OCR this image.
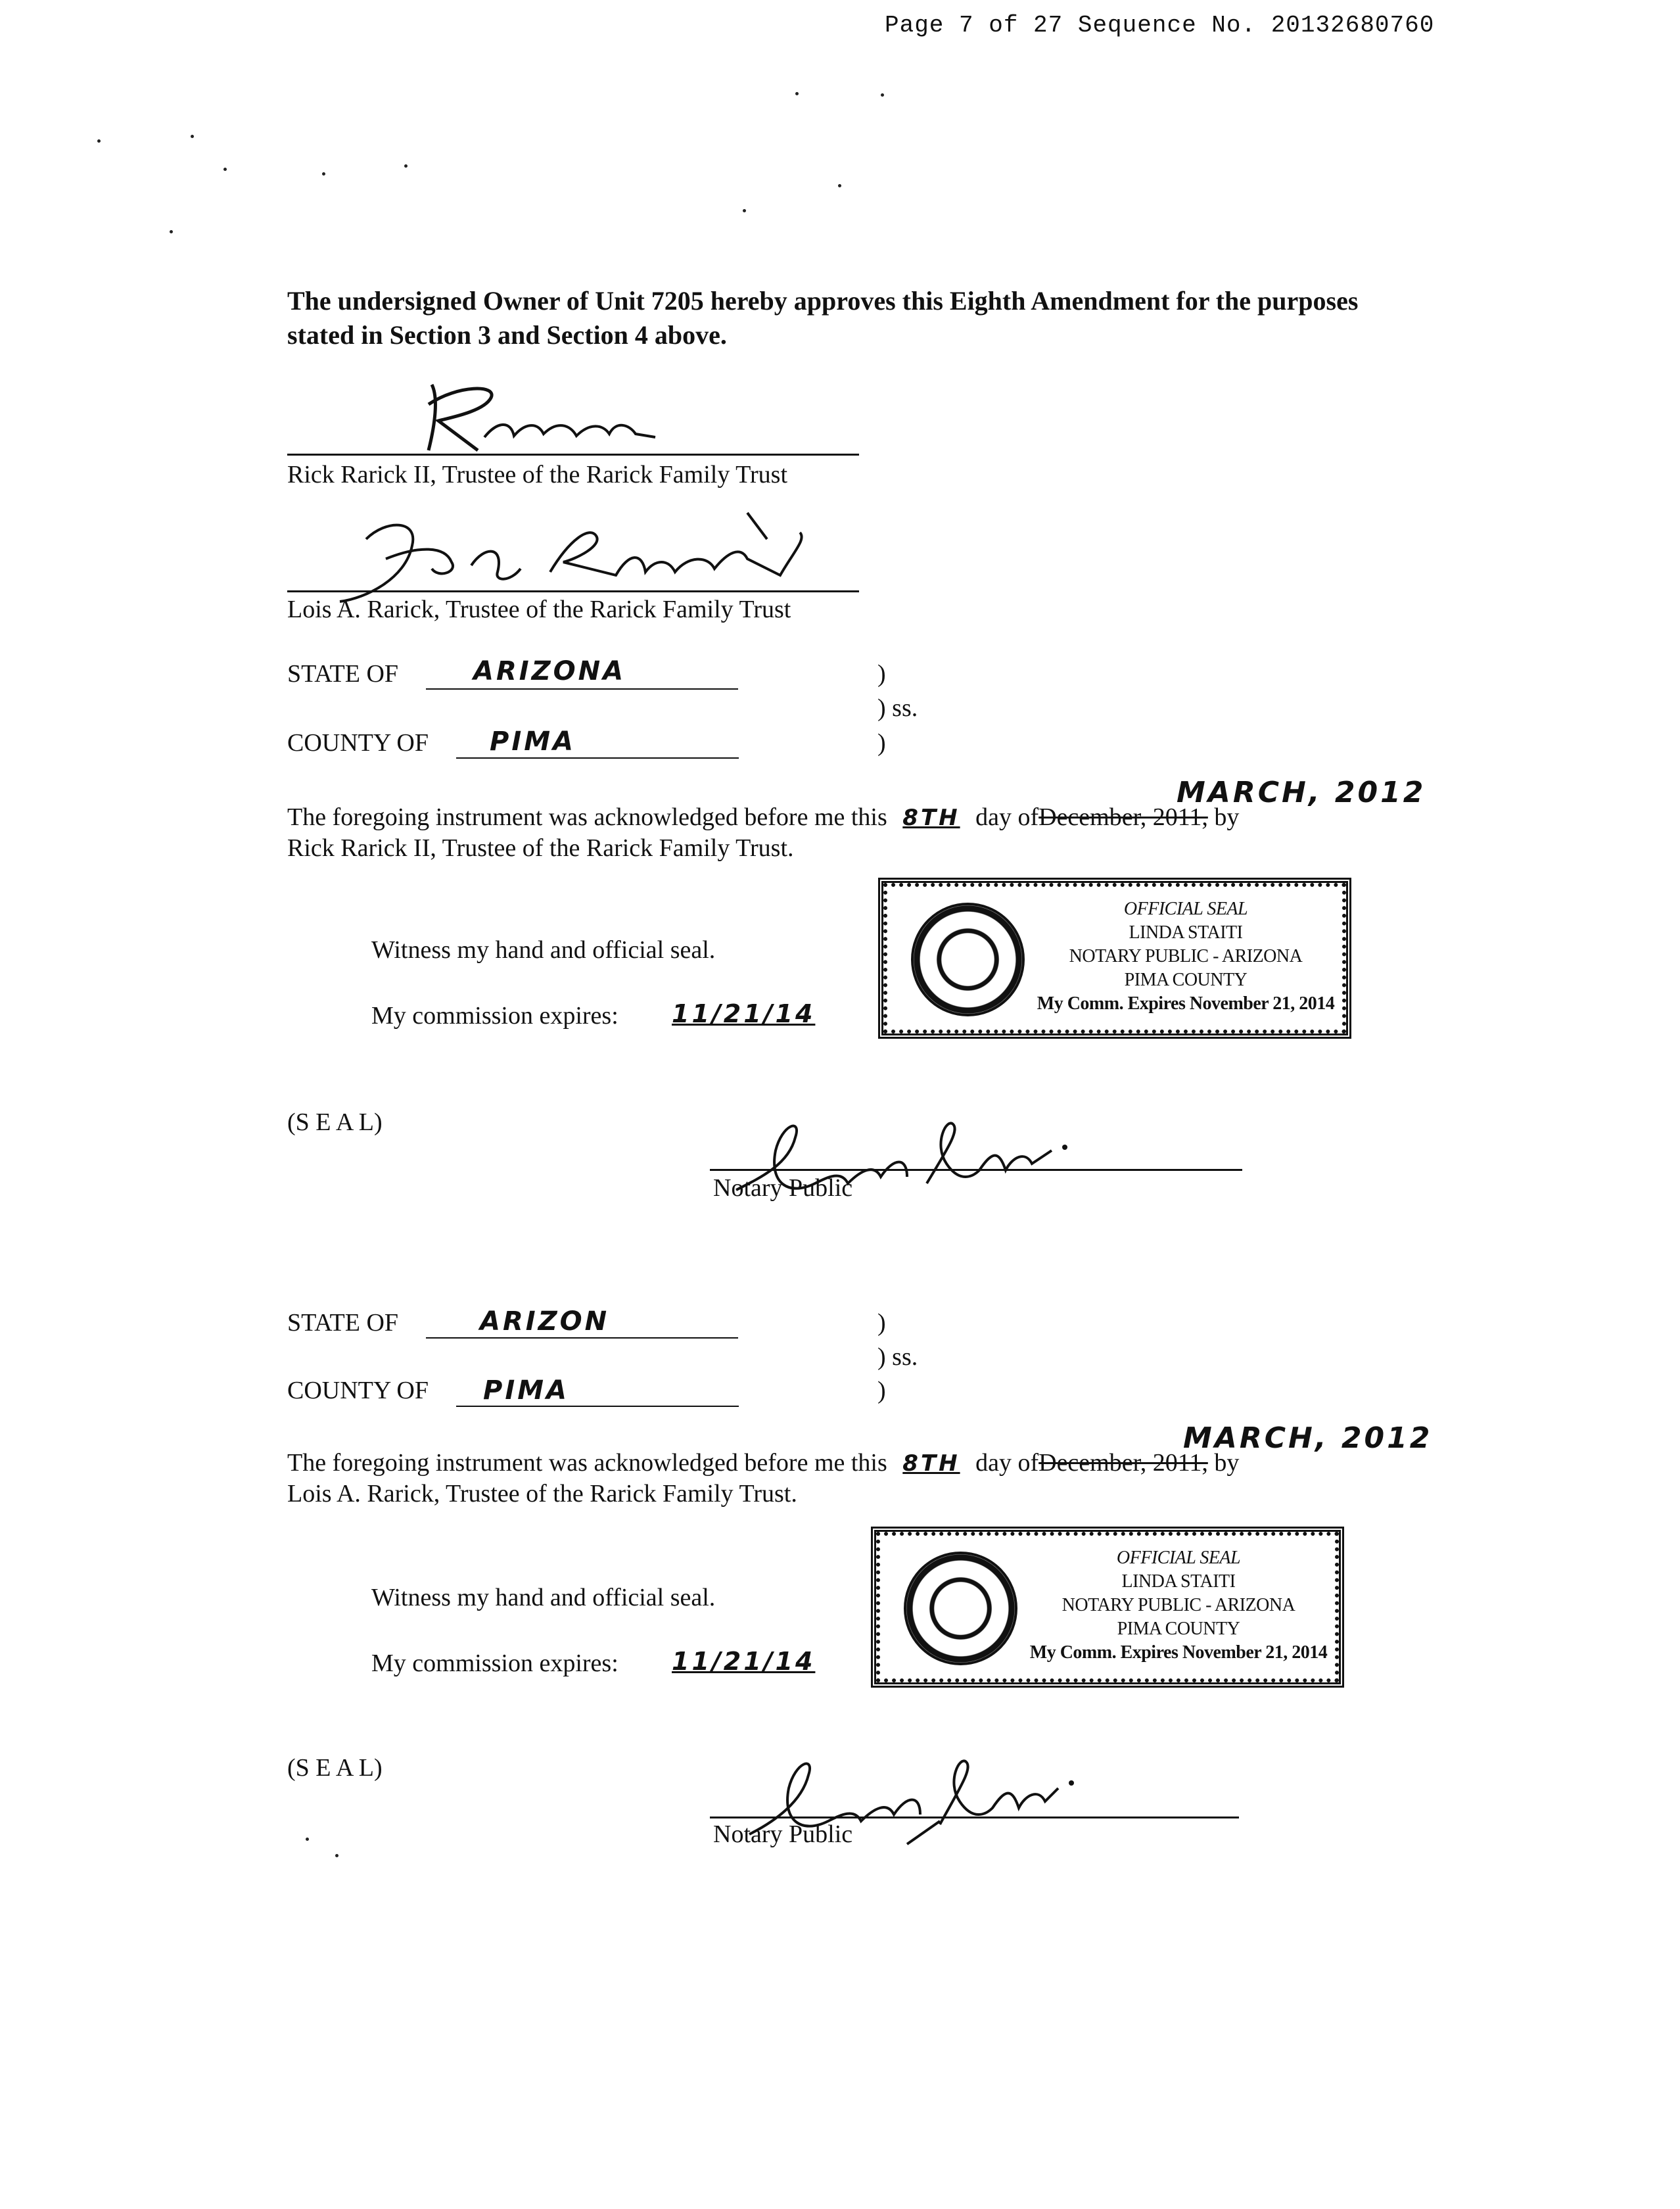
Page 7 of 27 Sequence No. 20132680760
The undersigned Owner of Unit 7205 hereby approves this Eighth Amendment for the purposes stated in Section 3 and Section 4 above.
Rick Rarick II, Trustee of the Rarick Family Trust
Lois A. Rarick, Trustee of the Rarick Family Trust
STATE OF	ARIZONA	)
) ss.
)
COUNTY OF PIMA
MARCH, 2012
The foregoing instrument was acknowledged before me this 8TH day ofDecember, 2011, by
Rick Rarick II, Trustee of the Rarick Family Trust.
Witness my hand and official seal.
My commission expires: 11/21/14
OFFICIAL SEAL
LINDA STAITI
NOTARY PUBLIC - ARIZONA
PIMA COUNTY
My Comm. Expires November 21, 2014
(S E A L)
Notary Public
STATE OF	ARIZON	)
) ss.
)
COUNTY OF PIMA
MARCH, 2012
The foregoing instrument was acknowledged before me this 8TH day ofDecember, 2011, by
Lois A. Rarick, Trustee of the Rarick Family Trust.
Witness my hand and official seal.
My commission expires: 11/21/14
OFFICIAL SEAL
LINDA STAITI
NOTARY PUBLIC - ARIZONA
PIMA COUNTY
My Comm. Expires November 21, 2014
(S E A L)
Notary Public
